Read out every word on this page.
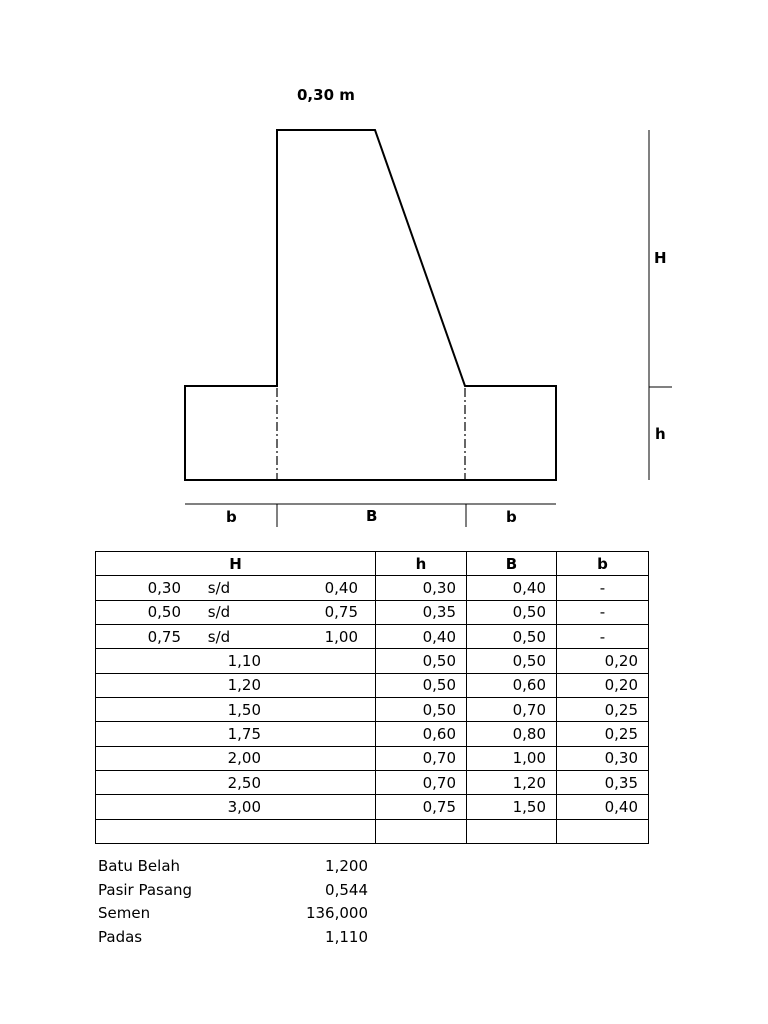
0,30 m
H
h
b	B	b
H	h	B	b

0,30 s/d 0,40	0,30	0,40	-

0,50 s/d 0,75	0,35	0,50	-

0,75 s/d 1,00	0,40	0,50	-

1,10	0,50	0,50	0,20

1,20	0,50	0,60	0,20

1,50	0,50	0,70	0,25

1,75	0,60	0,80	0,25

2,00	0,70	1,00	0,30

2,50	0,70	1,20	0,35

3,00	0,75	1,50	0,40

Batu Belah	1,200
Pasir Pasang	0,544
Semen	136,000
Padas	1,110
